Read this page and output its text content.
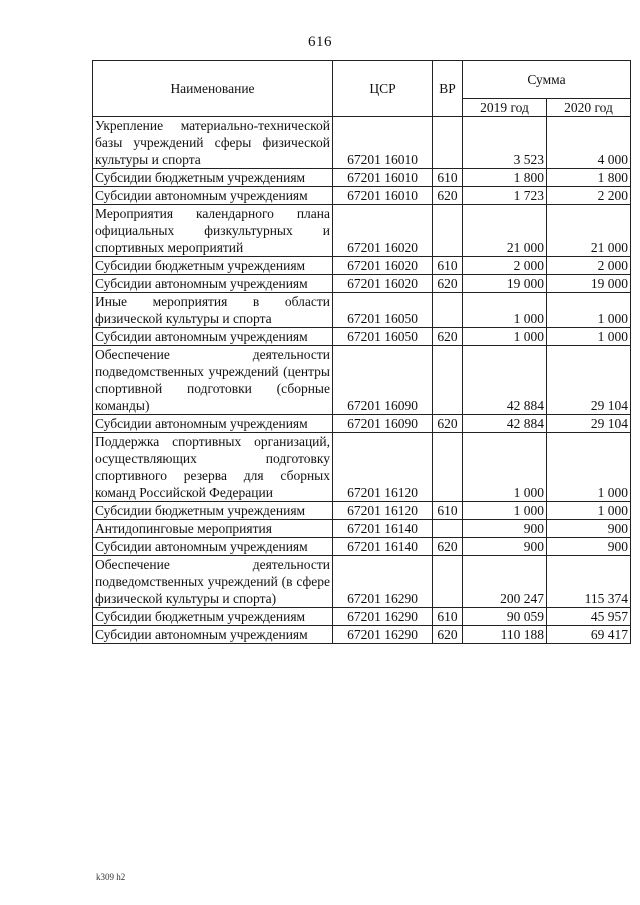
616
Наименование	ЦСР	ВР	Сумма	
			2019 год	2020 год
Укрепление материально-технической базы учреждений сферы физической культуры и спорта	67201 16010		3 523	4 000
Субсидии бюджетным учреждениям	67201 16010	610	1 800	1 800
Субсидии автономным учреждениям	67201 16010	620	1 723	2 200
Мероприятия календарного плана официальных физкультурных и спортивных мероприятий	67201 16020		21 000	21 000
Субсидии бюджетным учреждениям	67201 16020	610	2 000	2 000
Субсидии автономным учреждениям	67201 16020	620	19 000	19 000
Иные мероприятия в области физической культуры и спорта	67201 16050		1 000	1 000
Субсидии автономным учреждениям	67201 16050	620	1 000	1 000
Обеспечение деятельности подведомственных учреждений (центры спортивной подготовки (сборные команды)	67201 16090		42 884	29 104
Субсидии автономным учреждениям	67201 16090	620	42 884	29 104
Поддержка спортивных организаций, осуществляющих подготовку спортивного резерва для сборных команд Российской Федерации	67201 16120		1 000	1 000
Субсидии бюджетным учреждениям	67201 16120	610	1 000	1 000
Антидопинговые мероприятия	67201 16140		900	900
Субсидии автономным учреждениям	67201 16140	620	900	900
Обеспечение деятельности подведомственных учреждений (в сфере физической культуры и спорта)	67201 16290		200 247	115 374
Субсидии бюджетным учреждениям	67201 16290	610	90 059	45 957
Субсидии автономным учреждениям	67201 16290	620	110 188	69 417
k309 h2
